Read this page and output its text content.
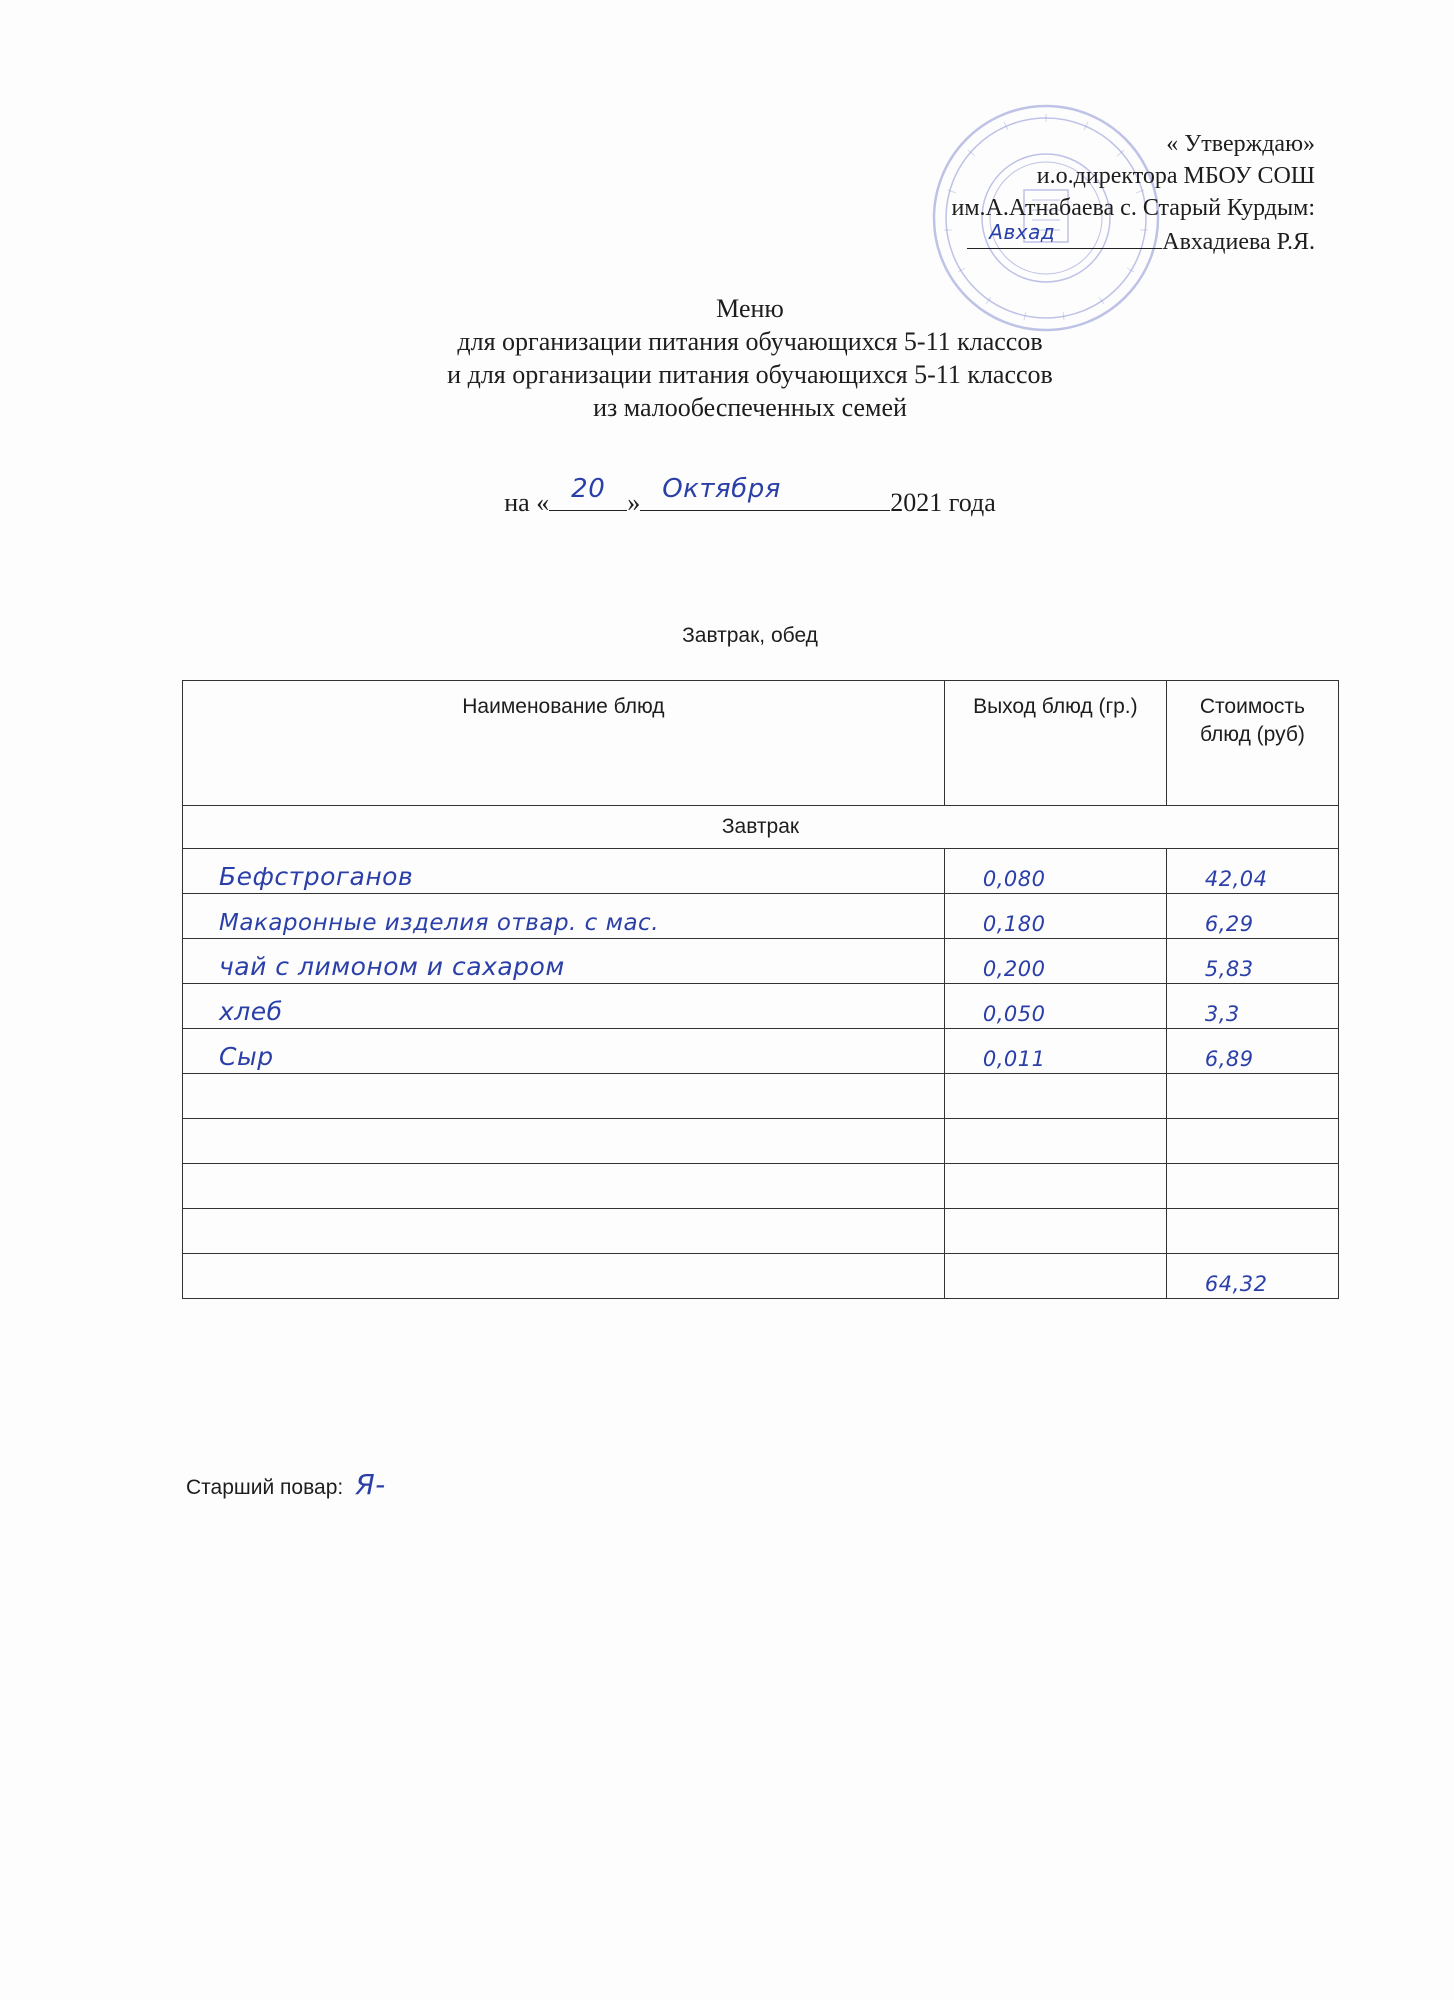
« Утверждаю»
и.о.директора МБОУ СОШ
им.А.Атнабаева с. Старый Курдым:
Авхад	Авхадиева Р.Я.
Меню
для организации питания обучающихся 5-11 классов
и для организации питания обучающихся 5-11 классов
из малообеспеченных семей
на « 20 » Октября	2021 года
Завтрак, обед
Наименование блюд	Выход блюд (гр.)	Стоимость блюд (руб)
Завтрак		
Бефстроганов	0,080	42,04
Макаронные изделия отвар. с мас.	0,180	6,29
чай с лимоном и сахаром	0,200	5,83
хлеб	0,050	3,3
Сыр	0,011	6,89

		64,32
Старший повар: Я-
